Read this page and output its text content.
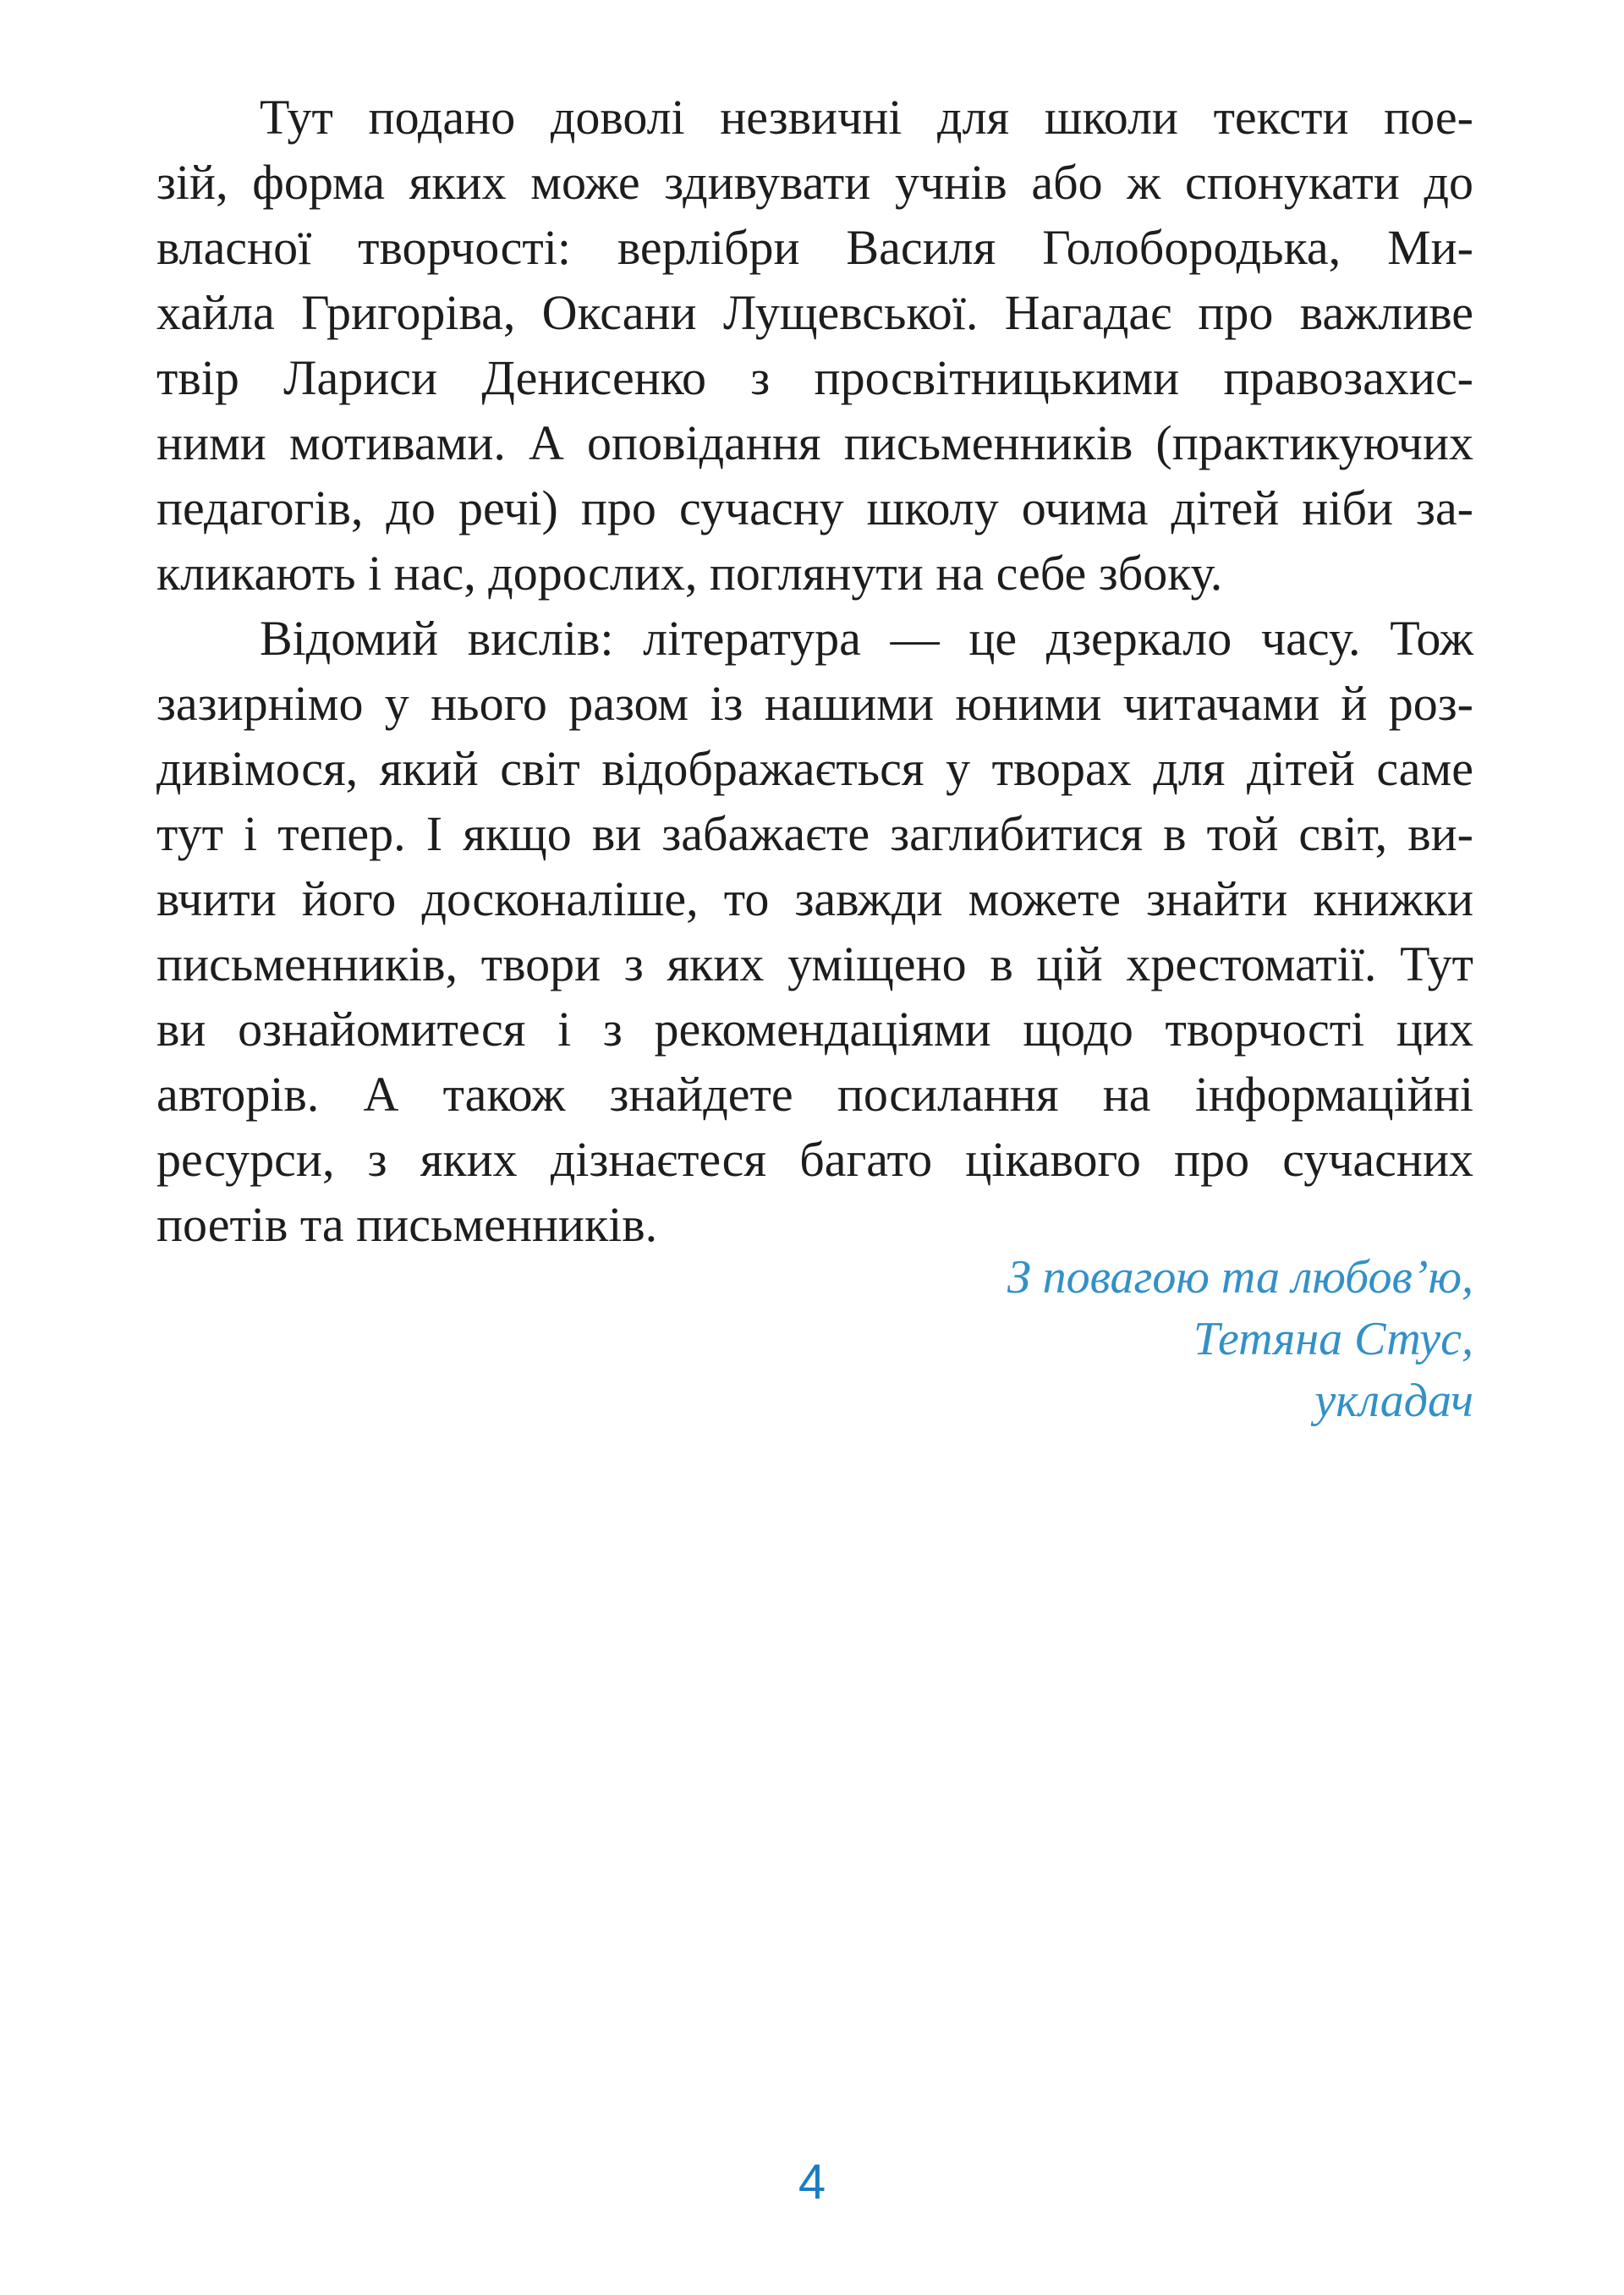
Тут подано доволі незвичні для школи тексти пое-
зій, форма яких може здивувати учнів або ж спонукати до
власної творчості: верлібри Василя Голобородька, Ми-
хайла Григоріва, Оксани Лущевської. Нагадає про важливе
твір Лариси Денисенко з просвітницькими правозахис-
ними мотивами. А оповідання письменників (практикуючих
педагогів, до речі) про сучасну школу очима дітей ніби за-
кликають і нас, дорослих, поглянути на себе збоку.
Відомий вислів: література — це дзеркало часу. Тож
зазирнімо у нього разом із нашими юними читачами й роз-
дивімося, який світ відображається у творах для дітей саме
тут і тепер. І якщо ви забажаєте заглибитися в той світ, ви-
вчити його досконаліше, то завжди можете знайти книжки
письменників, твори з яких уміщено в цій хрестоматії. Тут
ви ознайомитеся і з рекомендаціями щодо творчості цих
авторів. А також знайдете посилання на інформаційні
ресурси, з яких дізнаєтеся багато цікавого про сучасних
поетів та письменників.
З повагою та любов’ю,
Тетяна Стус,
укладач
4
